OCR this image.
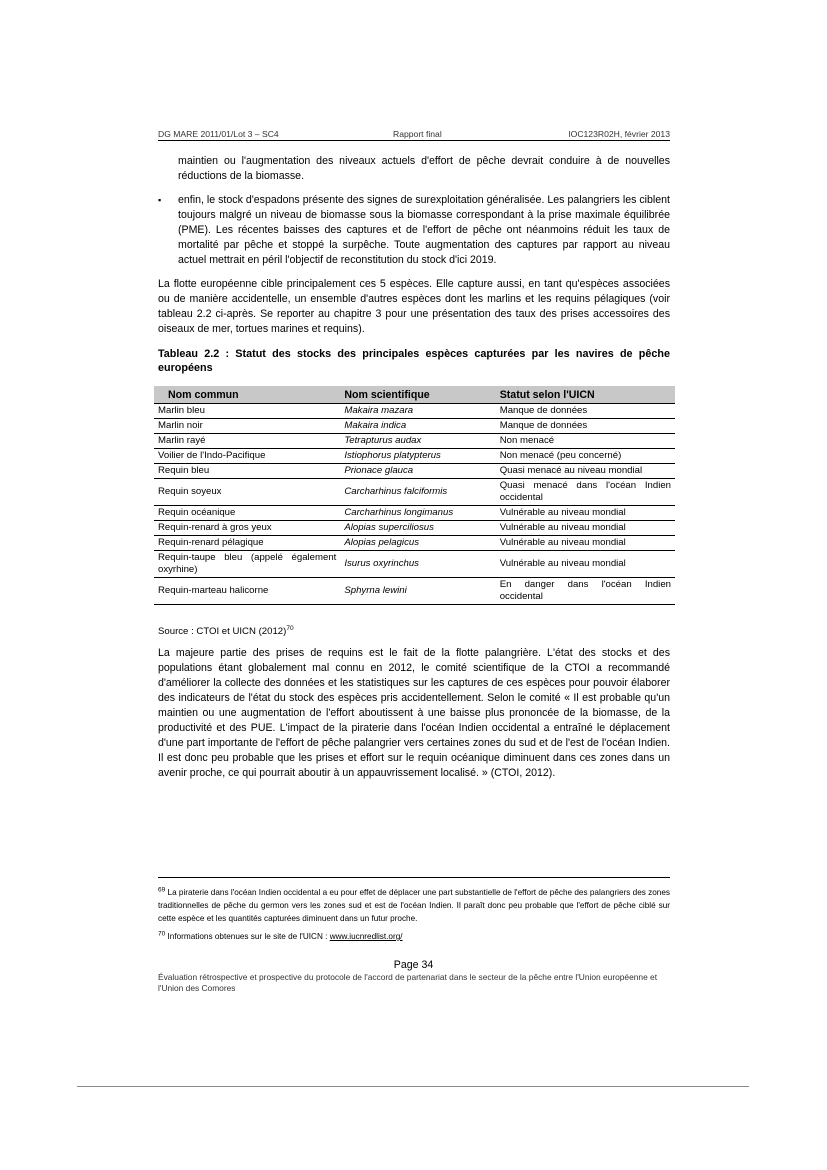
DG MARE 2011/01/Lot 3 – SC4	Rapport final	IOC123R02H, février 2013
maintien ou l'augmentation des niveaux actuels d'effort de pêche devrait conduire à de nouvelles réductions de la biomasse.
▪ enfin, le stock d'espadons présente des signes de surexploitation généralisée. Les palangriers les ciblent toujours malgré un niveau de biomasse sous la biomasse correspondant à la prise maximale équilibrée (PME). Les récentes baisses des captures et de l'effort de pêche ont néanmoins réduit les taux de mortalité par pêche et stoppé la surpêche. Toute augmentation des captures par rapport au niveau actuel mettrait en péril l'objectif de reconstitution du stock d'ici 2019.
La flotte européenne cible principalement ces 5 espèces. Elle capture aussi, en tant qu'espèces associées ou de manière accidentelle, un ensemble d'autres espèces dont les marlins et les requins pélagiques (voir tableau 2.2 ci-après. Se reporter au chapitre 3 pour une présentation des taux des prises accessoires des oiseaux de mer, tortues marines et requins).
Tableau 2.2 : Statut des stocks des principales espèces capturées par les navires de pêche européens
Nom commun	Nom scientifique	Statut selon l'UICN
Marlin bleu	Makaira mazara	Manque de données
Marlin noir	Makaira indica	Manque de données
Marlin rayé	Tetrapturus audax	Non menacé
Voilier de l'Indo-Pacifique	Istiophorus platypterus	Non menacé (peu concerné)
Requin bleu	Prionace glauca	Quasi menacé au niveau mondial
Requin soyeux	Carcharhinus falciformis	Quasi menacé dans l'océan Indien occidental
Requin océanique	Carcharhinus longimanus	Vulnérable au niveau mondial
Requin-renard à gros yeux	Alopias superciliosus	Vulnérable au niveau mondial
Requin-renard pélagique	Alopias pelagicus	Vulnérable au niveau mondial
Requin-taupe bleu (appelé également oxyrhine)	Isurus oxyrinchus	Vulnérable au niveau mondial
Requin-marteau halicorne	Sphyrna lewini	En danger dans l'océan Indien occidental
Source : CTOI et UICN $(2012)^{70}$
La majeure partie des prises de requins est le fait de la flotte palangrière. L'état des stocks et des populations étant globalement mal connu en 2012, le comité scientifique de la CTOI a recommandé d'améliorer la collecte des données et les statistiques sur les captures de ces espèces pour pouvoir élaborer des indicateurs de l'état du stock des espèces pris accidentellement. Selon le comité « Il est probable qu'un maintien ou une augmentation de l'effort aboutissent à une baisse plus prononcée de la biomasse, de la productivité et des PUE. L'impact de la piraterie dans l'océan Indien occidental a entraîné le déplacement d'une part importante de l'effort de pêche palangrier vers certaines zones du sud et de l'est de l'océan Indien. Il est donc peu probable que les prises et effort sur le requin océanique diminuent dans ces zones dans un avenir proche, ce qui pourrait aboutir à un appauvrissement localisé. » (CTOI, 2012).
$^{69}$ La piraterie dans l'océan Indien occidental a eu pour effet de déplacer une part substantielle de l'effort de pêche des palangriers des zones traditionnelles de pêche du germon vers les zones sud et est de l'océan Indien. Il paraît donc peu probable que l'effort de pêche ciblé sur cette espèce et les quantités capturées diminuent dans un futur proche.
$^{70}$ Informations obtenues sur le site de l'UICN : www.iucnredlist.org/
Page 34
Évaluation rétrospective et prospective du protocole de l'accord de partenariat dans le secteur de la pêche entre l'Union européenne et l'Union des Comores
